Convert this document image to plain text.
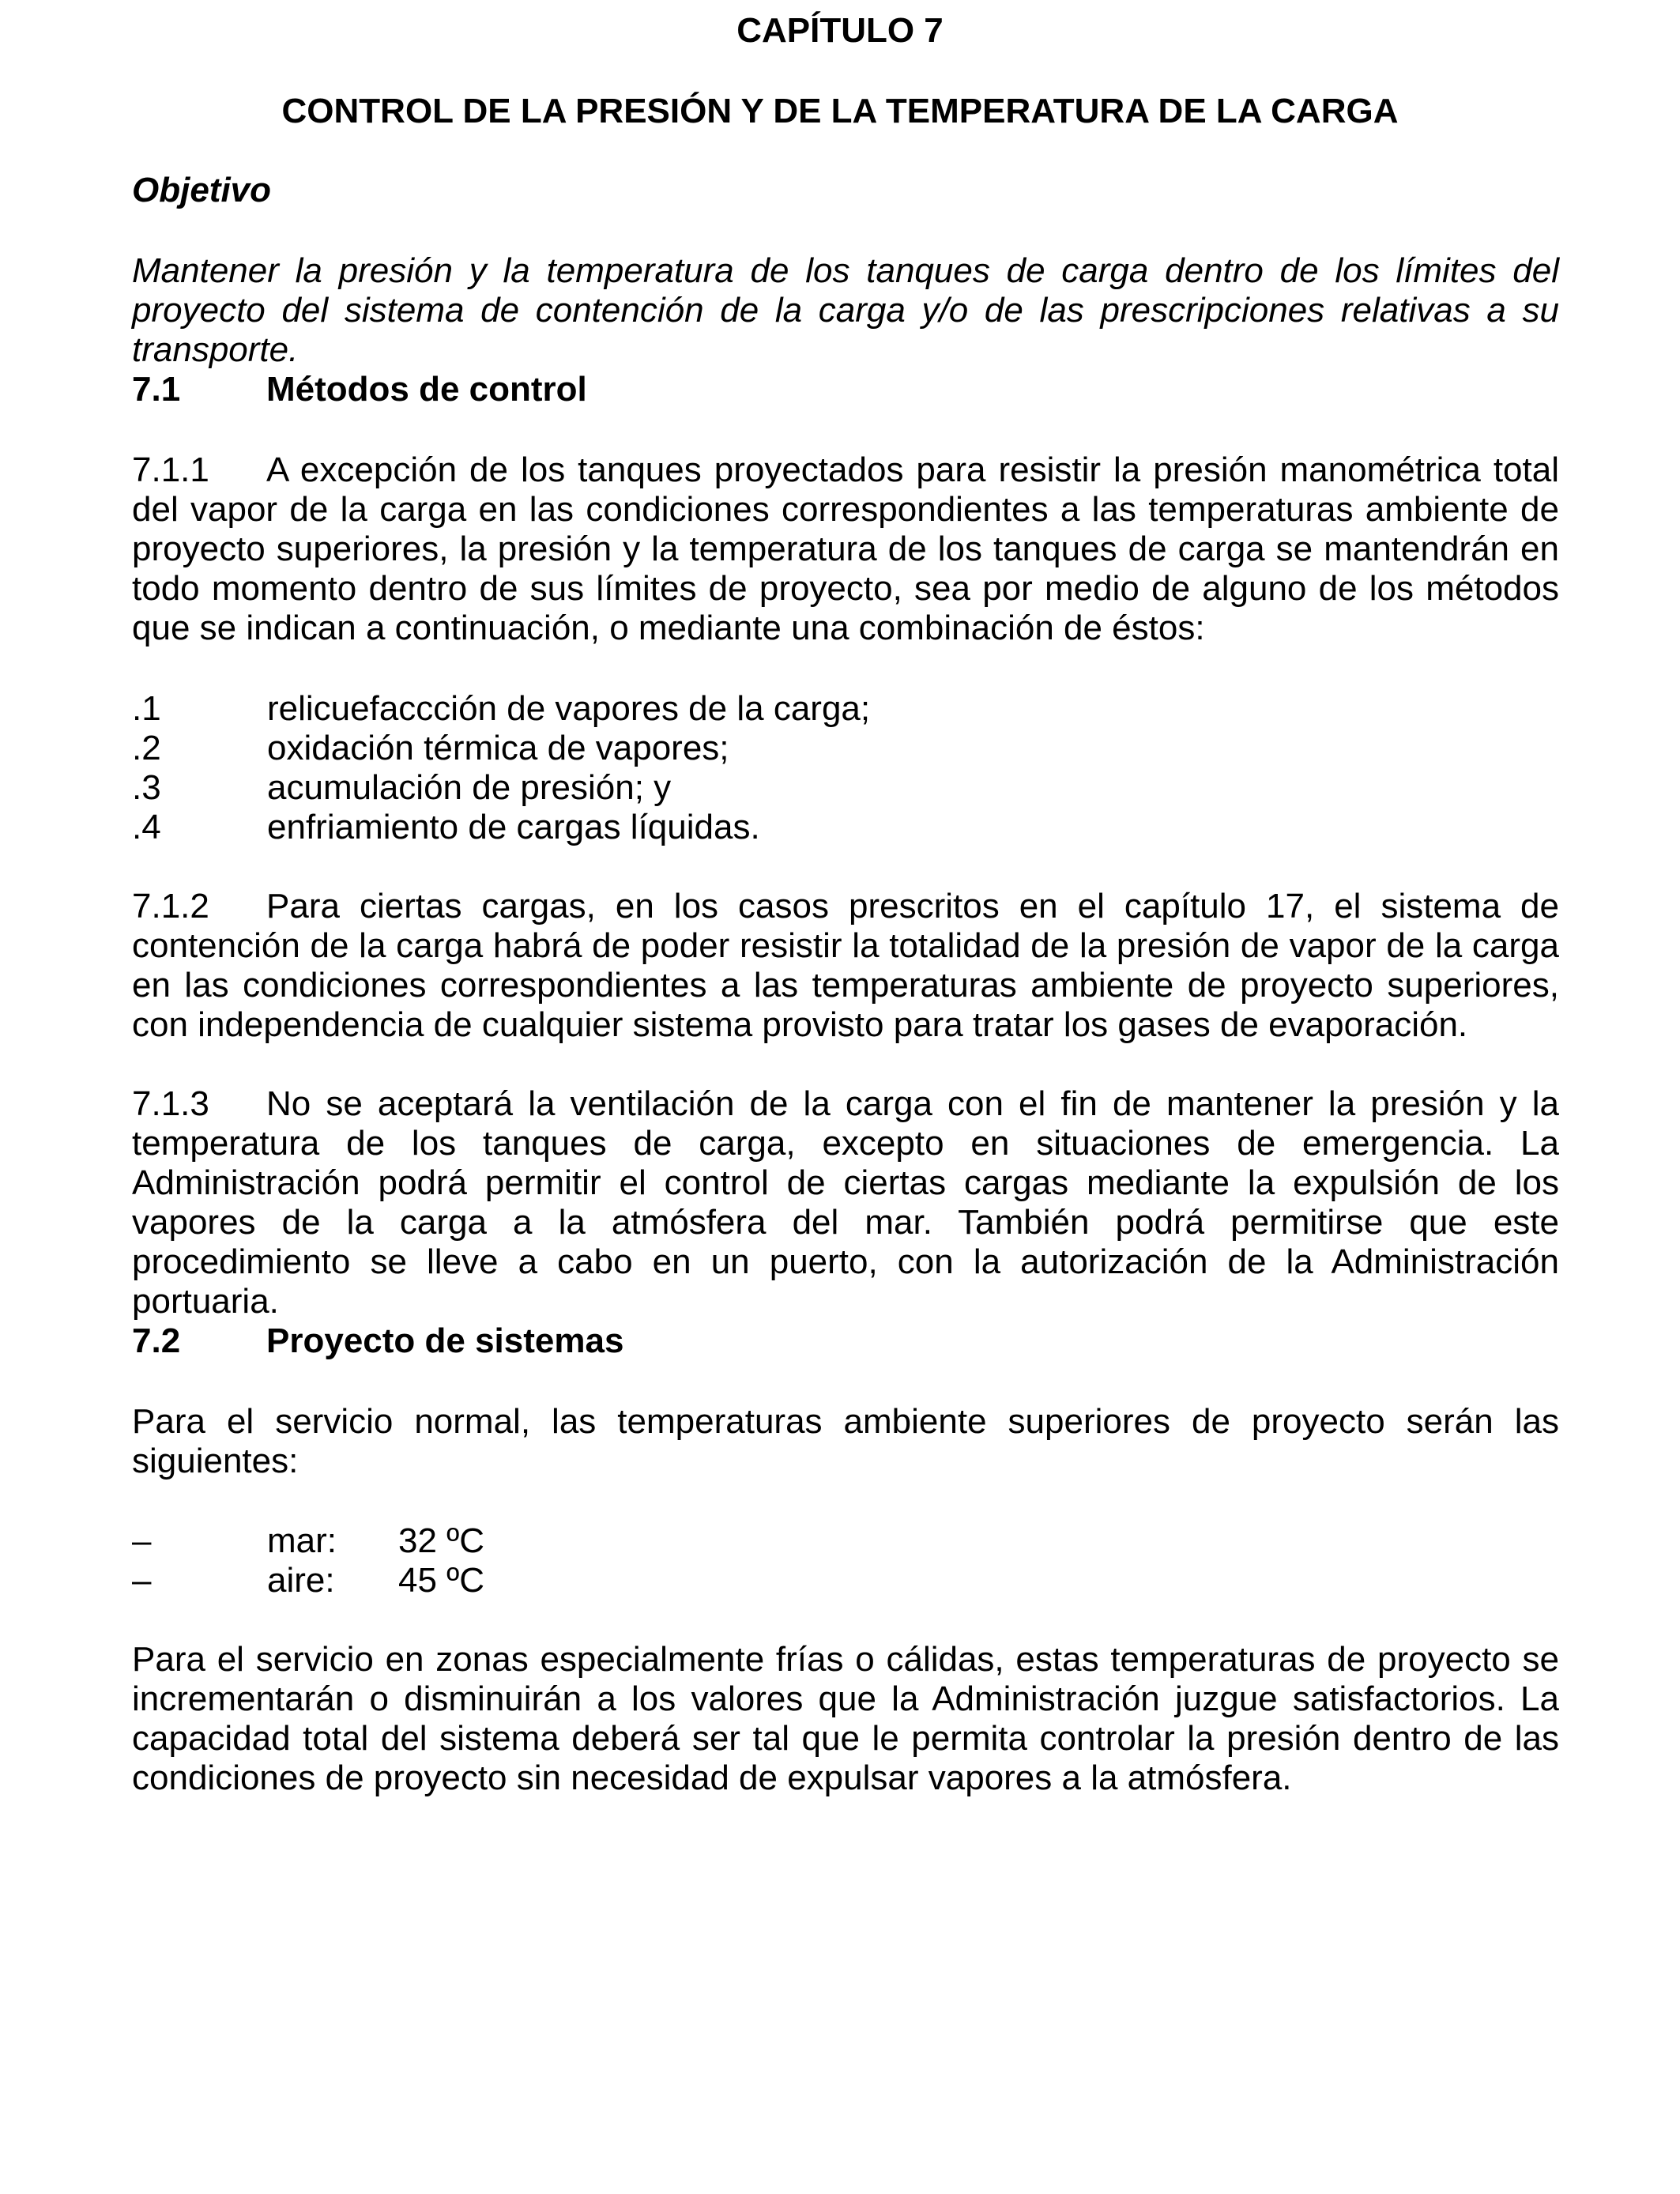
CAPÍTULO 7
CONTROL DE LA PRESIÓN Y DE LA TEMPERATURA DE LA CARGA
Objetivo
Mantener la presión y la temperatura de los tanques de carga dentro de los límites del proyecto del sistema de contención de la carga y/o de las prescripciones relativas a su transporte.
7.1 Métodos de control
7.1.1 A excepción de los tanques proyectados para resistir la presión manométrica total del vapor de la carga en las condiciones correspondientes a las temperaturas ambiente de proyecto superiores, la presión y la temperatura de los tanques de carga se mantendrán en todo momento dentro de sus límites de proyecto, sea por medio de alguno de los métodos que se indican a continuación, o mediante una combinación de éstos:
.1	relicuefaccción de vapores de la carga;
.2	oxidación térmica de vapores;
.3	acumulación de presión; y
.4	enfriamiento de cargas líquidas.
7.1.2 Para ciertas cargas, en los casos prescritos en el capítulo 17, el sistema de contención de la carga habrá de poder resistir la totalidad de la presión de vapor de la carga en las condiciones correspondientes a las temperaturas ambiente de proyecto superiores, con independencia de cualquier sistema provisto para tratar los gases de evaporación.
7.1.3 No se aceptará la ventilación de la carga con el fin de mantener la presión y la temperatura de los tanques de carga, excepto en situaciones de emergencia. La Administración podrá permitir el control de ciertas cargas mediante la expulsión de los vapores de la carga a la atmósfera del mar. También podrá permitirse que este procedimiento se lleve a cabo en un puerto, con la autorización de la Administración portuaria.
7.2 Proyecto de sistemas
Para el servicio normal, las temperaturas ambiente superiores de proyecto serán las siguientes:
–	mar: 32 ºC
–	aire: 45 ºC
Para el servicio en zonas especialmente frías o cálidas, estas temperaturas de proyecto se incrementarán o disminuirán a los valores que la Administración juzgue satisfactorios. La capacidad total del sistema deberá ser tal que le permita controlar la presión dentro de las condiciones de proyecto sin necesidad de expulsar vapores a la atmósfera.
